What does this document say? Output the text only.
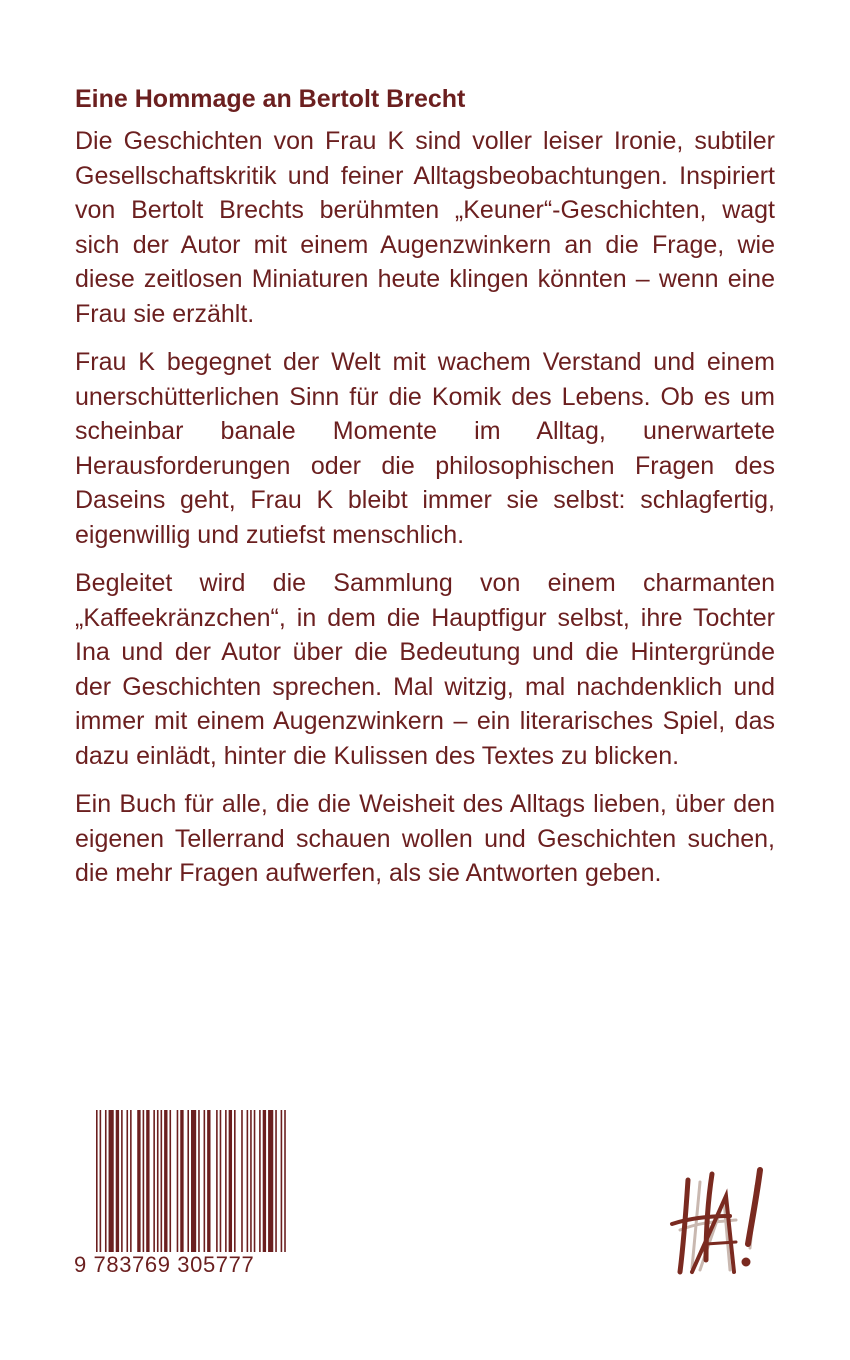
Eine Hommage an Bertolt Brecht

Die Geschichten von Frau K sind voller leiser Ironie, subtiler Gesellschaftskritik und feiner Alltagsbeobachtungen. Inspiriert von Bertolt Brechts berühmten „Keuner“-Geschichten, wagt sich der Autor mit einem Augenzwinkern an die Frage, wie diese zeitlosen Miniaturen heute klingen könnten – wenn eine Frau sie erzählt.

Frau K begegnet der Welt mit wachem Verstand und einem unerschütterlichen Sinn für die Komik des Lebens. Ob es um scheinbar banale Momente im Alltag, unerwartete Herausforderungen oder die philosophischen Fragen des Daseins geht, Frau K bleibt immer sie selbst: schlagfertig, eigenwillig und zutiefst menschlich.

Begleitet wird die Sammlung von einem charmanten „Kaffeekränzchen“, in dem die Hauptfigur selbst, ihre Tochter Ina und der Autor über die Bedeutung und die Hintergründe der Geschichten sprechen. Mal witzig, mal nachdenklich und immer mit einem Augenzwinkern – ein literarisches Spiel, das dazu einlädt, hinter die Kulissen des Textes zu blicken.

Ein Buch für alle, die die Weisheit des Alltags lieben, über den eigenen Tellerrand schauen wollen und Geschichten suchen, die mehr Fragen aufwerfen, als sie Antworten geben.

9 783769 305777
